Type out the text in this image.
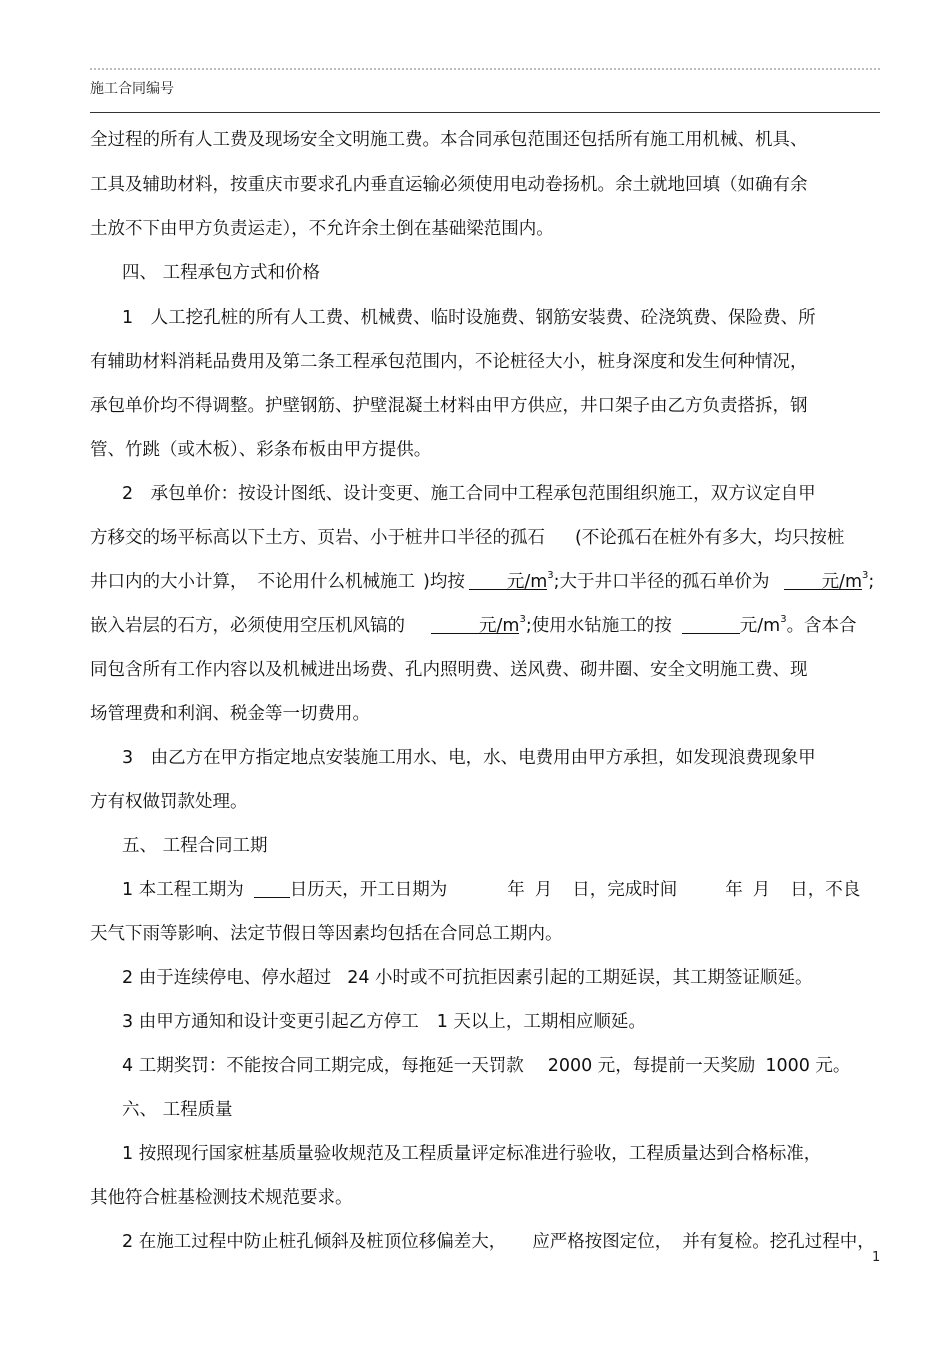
施工合同编号
全过程的所有人工费及现场安全文明施工费。本合同承包范围还包括所有施工用机械、机具、
工具及辅助材料，按重庆市要求孔内垂直运输必须使用电动卷扬机。余土就地回填（如确有余
土放不下由甲方负责运走），不允许余土倒在基础梁范围内。
四、 工程承包方式和价格
1　人工挖孔桩的所有人工费、机械费、临时设施费、钢筋安装费、砼浇筑费、保险费、所
有辅助材料消耗品费用及第二条工程承包范围内，不论桩径大小，桩身深度和发生何种情况，
承包单价均不得调整。护壁钢筋、护壁混凝土材料由甲方供应，井口架子由乙方负责搭拆，钢
管、竹跳（或木板）、彩条布板由甲方提供。
2　承包单价：按设计图纸、设计变更、施工合同中工程承包范围组织施工，双方议定自甲
方移交的场平标高以下土方、页岩、小于桩井口半径的孤石 (不论孤石在桩外有多大，均只按桩
井口内的大小计算， 不论用什么机械施工 )均按 元$/m^3$;大于井口半径的孤石单价为	元$/m^3$;
嵌入岩层的石方，必须使用空压机风镐的	元$/m^3$;使用水钻施工的按	元$/m^3$。含本合
同包含所有工作内容以及机械进出场费、孔内照明费、送风费、砌井圈、安全文明施工费、现
场管理费和利润、税金等一切费用。
3　由乙方在甲方指定地点安装施工用水、电，水、电费用由甲方承担，如发现浪费现象甲
方有权做罚款处理。
五、 工程合同工期
1 本工程工期为	日历天，开工日期为	年 月 日，完成时间	年 月 日，不良
天气下雨等影响、法定节假日等因素均包括在合同总工期内。
2 由于连续停电、停水超过 24 小时或不可抗拒因素引起的工期延误，其工期签证顺延。
3 由甲方通知和设计变更引起乙方停工 1 天以上，工期相应顺延。
4 工期奖罚：不能按合同工期完成，每拖延一天罚款 2000 元，每提前一天奖励 1000 元。
六、 工程质量
1 按照现行国家桩基质量验收规范及工程质量评定标准进行验收，工程质量达到合格标准，
其他符合桩基检测技术规范要求。
2 在施工过程中防止桩孔倾斜及桩顶位移偏差大， 应严格按图定位， 并有复检。挖孔过程中，
1
